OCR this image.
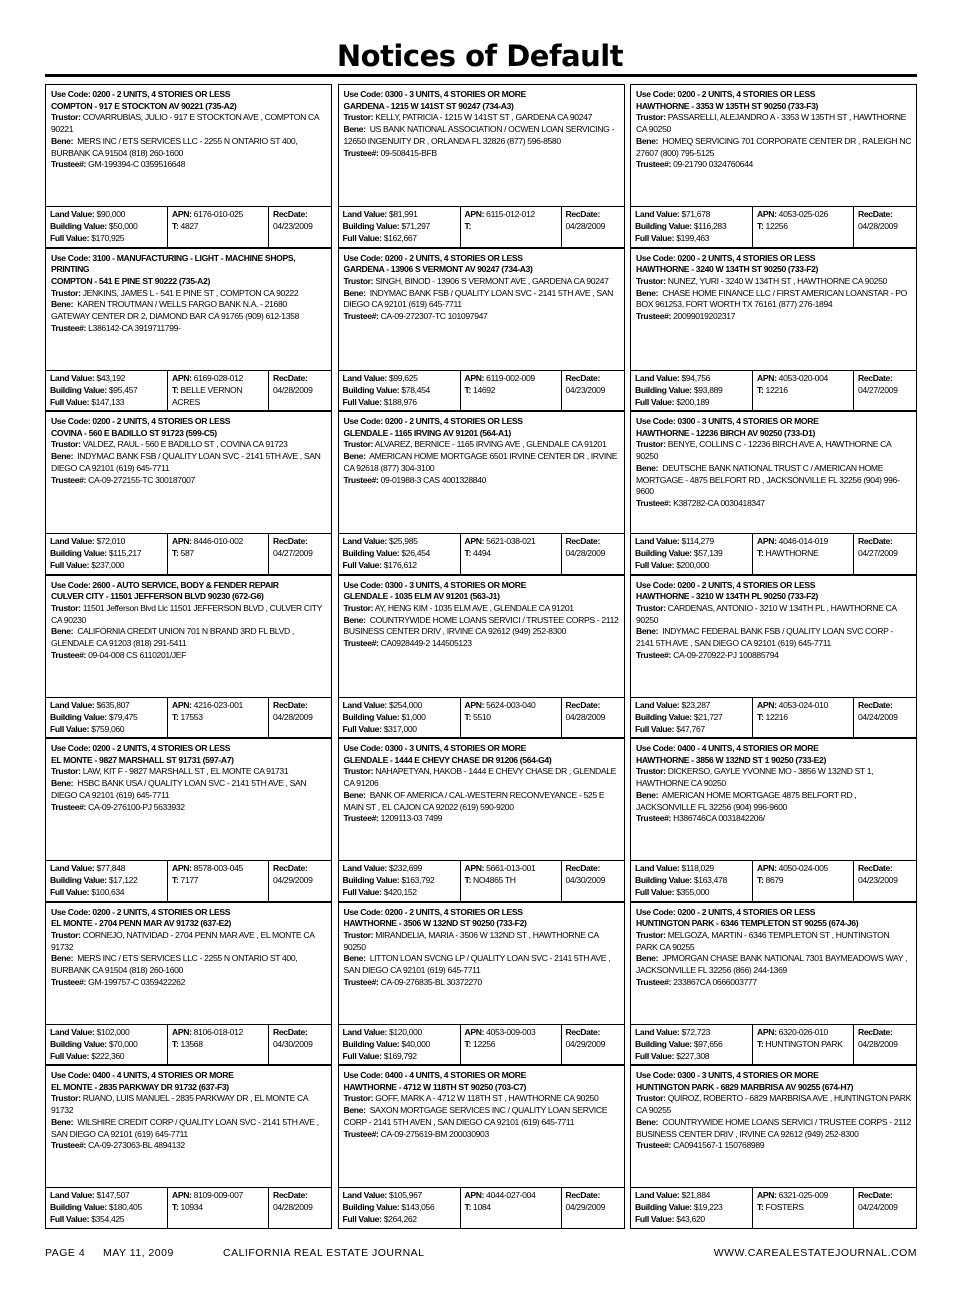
Notices of Default
Use Code: 0200 - 2 UNITS, 4 STORIES OR LESS
COMPTON - 917 E STOCKTON AV 90221 (735-A2)
Trustor: COVARRUBIAS, JULIO - 917 E STOCKTON AVE , COMPTON CA 90221
Bene: MERS INC / ETS SERVICES LLC - 2255 N ONTARIO ST 400, BURBANK CA 91504 (818) 260-1600
Trustee#: GM-199394-C 0359516648
Land Value: $90,000
Building Value: $50,000
Full Value: $170,925
APN: 6176-010-025
T: 4827
RecDate:
04/23/2009
Use Code: 0300 - 3 UNITS, 4 STORIES OR MORE
GARDENA - 1215 W 141ST ST 90247 (734-A3)
Trustor: KELLY, PATRICIA - 1215 W 141ST ST , GARDENA CA 90247
Bene: US BANK NATIONAL ASSOCIATION / OCWEN LOAN SERVICING - 12650 INGENUITY DR , ORLANDA FL 32826 (877) 596-8580
Trustee#: 09-508415-BFB
Land Value: $81,991
Building Value: $71,297
Full Value: $162,667
APN: 6115-012-012
T:
RecDate:
04/28/2009
Use Code: 0200 - 2 UNITS, 4 STORIES OR LESS
HAWTHORNE - 3353 W 135TH ST 90250 (733-F3)
Trustor: PASSARELLI, ALEJANDRO A - 3353 W 135TH ST , HAWTHORNE CA 90250
Bene: HOMEQ SERVICING 701 CORPORATE CENTER DR , RALEIGH NC 27607 (800) 795-5125
Trustee#: 09-21790 0324760644
Land Value: $71,678
Building Value: $116,283
Full Value: $199,463
APN: 4053-025-026
T: 12256
RecDate:
04/28/2009
Use Code: 3100 - MANUFACTURING - LIGHT - MACHINE SHOPS, PRINTING
COMPTON - 541 E PINE ST 90222 (735-A2)
Trustor: JENKINS, JAMES L - 541 E PINE ST , COMPTON CA 90222
Bene: KAREN TROUTMAN / WELLS FARGO BANK N.A. - 21680 GATEWAY CENTER DR 2, DIAMOND BAR CA 91765 (909) 612-1358
Trustee#: L386142-CA 3919711799-
Land Value: $43,192
Building Value: $95,457
Full Value: $147,133
APN: 6169-028-012
T: BELLE VERNON ACRES
RecDate:
04/28/2009
Use Code: 0200 - 2 UNITS, 4 STORIES OR LESS
GARDENA - 13906 S VERMONT AV 90247 (734-A3)
Trustor: SINGH, BINOD - 13906 S VERMONT AVE , GARDENA CA 90247
Bene: INDYMAC BANK FSB / QUALITY LOAN SVC - 2141 5TH AVE , SAN DIEGO CA 92101 (619) 645-7711
Trustee#: CA-09-272307-TC 101097947
Land Value: $99,625
Building Value: $78,454
Full Value: $188,976
APN: 6119-002-009
T: 14692
RecDate:
04/23/2009
Use Code: 0200 - 2 UNITS, 4 STORIES OR LESS
HAWTHORNE - 3240 W 134TH ST 90250 (733-F2)
Trustor: NUNEZ, YURI - 3240 W 134TH ST , HAWTHORNE CA 90250
Bene: CHASE HOME FINANCE LLC / FIRST AMERICAN LOANSTAR - PO BOX 961253, FORT WORTH TX 76161 (877) 276-1894
Trustee#: 20099019202317
Land Value: $94,756
Building Value: $93,889
Full Value: $200,189
APN: 4053-020-004
T: 12216
RecDate:
04/27/2009
Use Code: 0200 - 2 UNITS, 4 STORIES OR LESS
COVINA - 560 E BADILLO ST 91723 (599-C5)
Trustor: VALDEZ, RAUL - 560 E BADILLO ST , COVINA CA 91723
Bene: INDYMAC BANK FSB / QUALITY LOAN SVC - 2141 5TH AVE , SAN DIEGO CA 92101 (619) 645-7711
Trustee#: CA-09-272155-TC 300187007
Land Value: $72,010
Building Value: $115,217
Full Value: $237,000
APN: 8446-010-002
T: 587
RecDate:
04/27/2009
Use Code: 0200 - 2 UNITS, 4 STORIES OR LESS
GLENDALE - 1165 IRVING AV 91201 (564-A1)
Trustor: ALVAREZ, BERNICE - 1165 IRVING AVE , GLENDALE CA 91201
Bene: AMERICAN HOME MORTGAGE 6501 IRVINE CENTER DR , IRVINE CA 92618 (877) 304-3100
Trustee#: 09-01988-3 CAS 4001328840
Land Value: $25,985
Building Value: $26,454
Full Value: $176,612
APN: 5621-038-021
T: 4494
RecDate:
04/28/2009
Use Code: 0300 - 3 UNITS, 4 STORIES OR MORE
HAWTHORNE - 12236 BIRCH AV 90250 (733-D1)
Trustor: BENYE, COLLINS C - 12236 BIRCH AVE A, HAWTHORNE CA 90250
Bene: DEUTSCHE BANK NATIONAL TRUST C / AMERICAN HOME MORTGAGE - 4875 BELFORT RD , JACKSONVILLE FL 32256 (904) 996-9600
Trustee#: K387282-CA 0030418347
Land Value: $114,279
Building Value: $57,139
Full Value: $200,000
APN: 4046-014-019
T: HAWTHORNE
RecDate:
04/27/2009
Use Code: 2600 - AUTO SERVICE, BODY & FENDER REPAIR
CULVER CITY - 11501 JEFFERSON BLVD 90230 (672-G6)
Trustor: 11501 Jefferson Blvd Llc 11501 JEFFERSON BLVD , CULVER CITY CA 90230
Bene: CALIFORNIA CREDIT UNION 701 N BRAND 3RD FL BLVD , GLENDALE CA 91203 (818) 291-5411
Trustee#: 09-04-008 CS 6110201/JEF
Land Value: $635,807
Building Value: $79,475
Full Value: $759,060
APN: 4216-023-001
T: 17553
RecDate:
04/28/2009
Use Code: 0300 - 3 UNITS, 4 STORIES OR MORE
GLENDALE - 1035 ELM AV 91201 (563-J1)
Trustor: AY, HENG KIM - 1035 ELM AVE , GLENDALE CA 91201
Bene: COUNTRYWIDE HOME LOANS SERVICI / TRUSTEE CORPS - 2112 BUSINESS CENTER DRIV , IRVINE CA 92612 (949) 252-8300
Trustee#: CA0928449-2 144505123
Land Value: $254,000
Building Value: $1,000
Full Value: $317,000
APN: 5624-003-040
T: 5510
RecDate:
04/28/2009
Use Code: 0200 - 2 UNITS, 4 STORIES OR LESS
HAWTHORNE - 3210 W 134TH PL 90250 (733-F2)
Trustor: CARDENAS, ANTONIO - 3210 W 134TH PL , HAWTHORNE CA 90250
Bene: INDYMAC FEDERAL BANK FSB / QUALITY LOAN SVC CORP - 2141 5TH AVE , SAN DIEGO CA 92101 (619) 645-7711
Trustee#: CA-09-270922-PJ 100885794
Land Value: $23,287
Building Value: $21,727
Full Value: $47,767
APN: 4053-024-010
T: 12216
RecDate:
04/24/2009
Use Code: 0200 - 2 UNITS, 4 STORIES OR LESS
EL MONTE - 9827 MARSHALL ST 91731 (597-A7)
Trustor: LAW, KIT F - 9827 MARSHALL ST , EL MONTE CA 91731
Bene: HSBC BANK USA / QUALITY LOAN SVC - 2141 5TH AVE , SAN DIEGO CA 92101 (619) 645-7711
Trustee#: CA-09-276100-PJ 5633932
Land Value: $77,848
Building Value: $17,122
Full Value: $100,634
APN: 8578-003-045
T: 7177
RecDate:
04/29/2009
Use Code: 0300 - 3 UNITS, 4 STORIES OR MORE
GLENDALE - 1444 E CHEVY CHASE DR 91206 (564-G4)
Trustor: NAHAPETYAN, HAKOB - 1444 E CHEVY CHASE DR , GLENDALE CA 91206
Bene: BANK OF AMERICA / CAL-WESTERN RECONVEYANCE - 525 E MAIN ST , EL CAJON CA 92022 (619) 590-9200
Trustee#: 1209113-03 7499
Land Value: $232,699
Building Value: $163,792
Full Value: $420,152
APN: 5661-013-001
T: NO4865 TH
RecDate:
04/30/2009
Use Code: 0400 - 4 UNITS, 4 STORIES OR MORE
HAWTHORNE - 3856 W 132ND ST 1 90250 (733-E2)
Trustor: DICKERSO, GAYLE YVONNE MO - 3856 W 132ND ST 1, HAWTHORNE CA 90250
Bene: AMERICAN HOME MORTGAGE 4875 BELFORT RD , JACKSONVILLE FL 32256 (904) 996-9600
Trustee#: H386746CA 0031842206/
Land Value: $118,029
Building Value: $163,478
Full Value: $355,000
APN: 4050-024-005
T: 8679
RecDate:
04/23/2009
Use Code: 0200 - 2 UNITS, 4 STORIES OR LESS
EL MONTE - 2704 PENN MAR AV 91732 (637-E2)
Trustor: CORNEJO, NATIVIDAD - 2704 PENN MAR AVE , EL MONTE CA 91732
Bene: MERS INC / ETS SERVICES LLC - 2255 N ONTARIO ST 400, BURBANK CA 91504 (818) 260-1600
Trustee#: GM-199757-C 0359422262
Land Value: $102,000
Building Value: $70,000
Full Value: $222,360
APN: 8106-018-012
T: 13568
RecDate:
04/30/2009
Use Code: 0200 - 2 UNITS, 4 STORIES OR LESS
HAWTHORNE - 3506 W 132ND ST 90250 (733-F2)
Trustor: MIRANDELIA, MARIA - 3506 W 132ND ST , HAWTHORNE CA 90250
Bene: LITTON LOAN SVCNG LP / QUALITY LOAN SVC - 2141 5TH AVE , SAN DIEGO CA 92101 (619) 645-7711
Trustee#: CA-09-276835-BL 30372270
Land Value: $120,000
Building Value: $40,000
Full Value: $169,792
APN: 4053-009-003
T: 12256
RecDate:
04/29/2009
Use Code: 0200 - 2 UNITS, 4 STORIES OR LESS
HUNTINGTON PARK - 6346 TEMPLETON ST 90255 (674-J6)
Trustor: MELGOZA, MARTIN - 6346 TEMPLETON ST , HUNTINGTON PARK CA 90255
Bene: JPMORGAN CHASE BANK NATIONAL 7301 BAYMEADOWS WAY , JACKSONVILLE FL 32256 (866) 244-1369
Trustee#: 233867CA 0666003777
Land Value: $72,723
Building Value: $97,656
Full Value: $227,308
APN: 6320-026-010
T: HUNTINGTON PARK
RecDate:
04/28/2009
Use Code: 0400 - 4 UNITS, 4 STORIES OR MORE
EL MONTE - 2835 PARKWAY DR 91732 (637-F3)
Trustor: RUANO, LUIS MANUEL - 2835 PARKWAY DR , EL MONTE CA 91732
Bene: WILSHIRE CREDIT CORP / QUALITY LOAN SVC - 2141 5TH AVE , SAN DIEGO CA 92101 (619) 645-7711
Trustee#: CA-09-273063-BL 4894132
Land Value: $147,507
Building Value: $180,405
Full Value: $354,425
APN: 8109-009-007
T: 10934
RecDate:
04/28/2009
Use Code: 0400 - 4 UNITS, 4 STORIES OR MORE
HAWTHORNE - 4712 W 118TH ST 90250 (703-C7)
Trustor: GOFF, MARK A - 4712 W 118TH ST , HAWTHORNE CA 90250
Bene: SAXON MORTGAGE SERVICES INC / QUALITY LOAN SERVICE CORP - 2141 5TH AVEN , SAN DIEGO CA 92101 (619) 645-7711
Trustee#: CA-09-275619-BM 200030903
Land Value: $105,967
Building Value: $143,056
Full Value: $264,262
APN: 4044-027-004
T: 1084
RecDate:
04/29/2009
Use Code: 0300 - 3 UNITS, 4 STORIES OR MORE
HUNTINGTON PARK - 6829 MARBRISA AV 90255 (674-H7)
Trustor: QUIROZ, ROBERTO - 6829 MARBRISA AVE , HUNTINGTON PARK CA 90255
Bene: COUNTRYWIDE HOME LOANS SERVICI / TRUSTEE CORPS - 2112 BUSINESS CENTER DRIV , IRVINE CA 92612 (949) 252-8300
Trustee#: CA0941567-1 150768989
Land Value: $21,884
Building Value: $19,223
Full Value: $43,620
APN: 6321-025-009
T: FOSTERS
RecDate:
04/24/2009
PAGE 4 MAY 11, 2009	CALIFORNIA REAL ESTATE JOURNAL	WWW.CAREALESTATEJOURNAL.COM
